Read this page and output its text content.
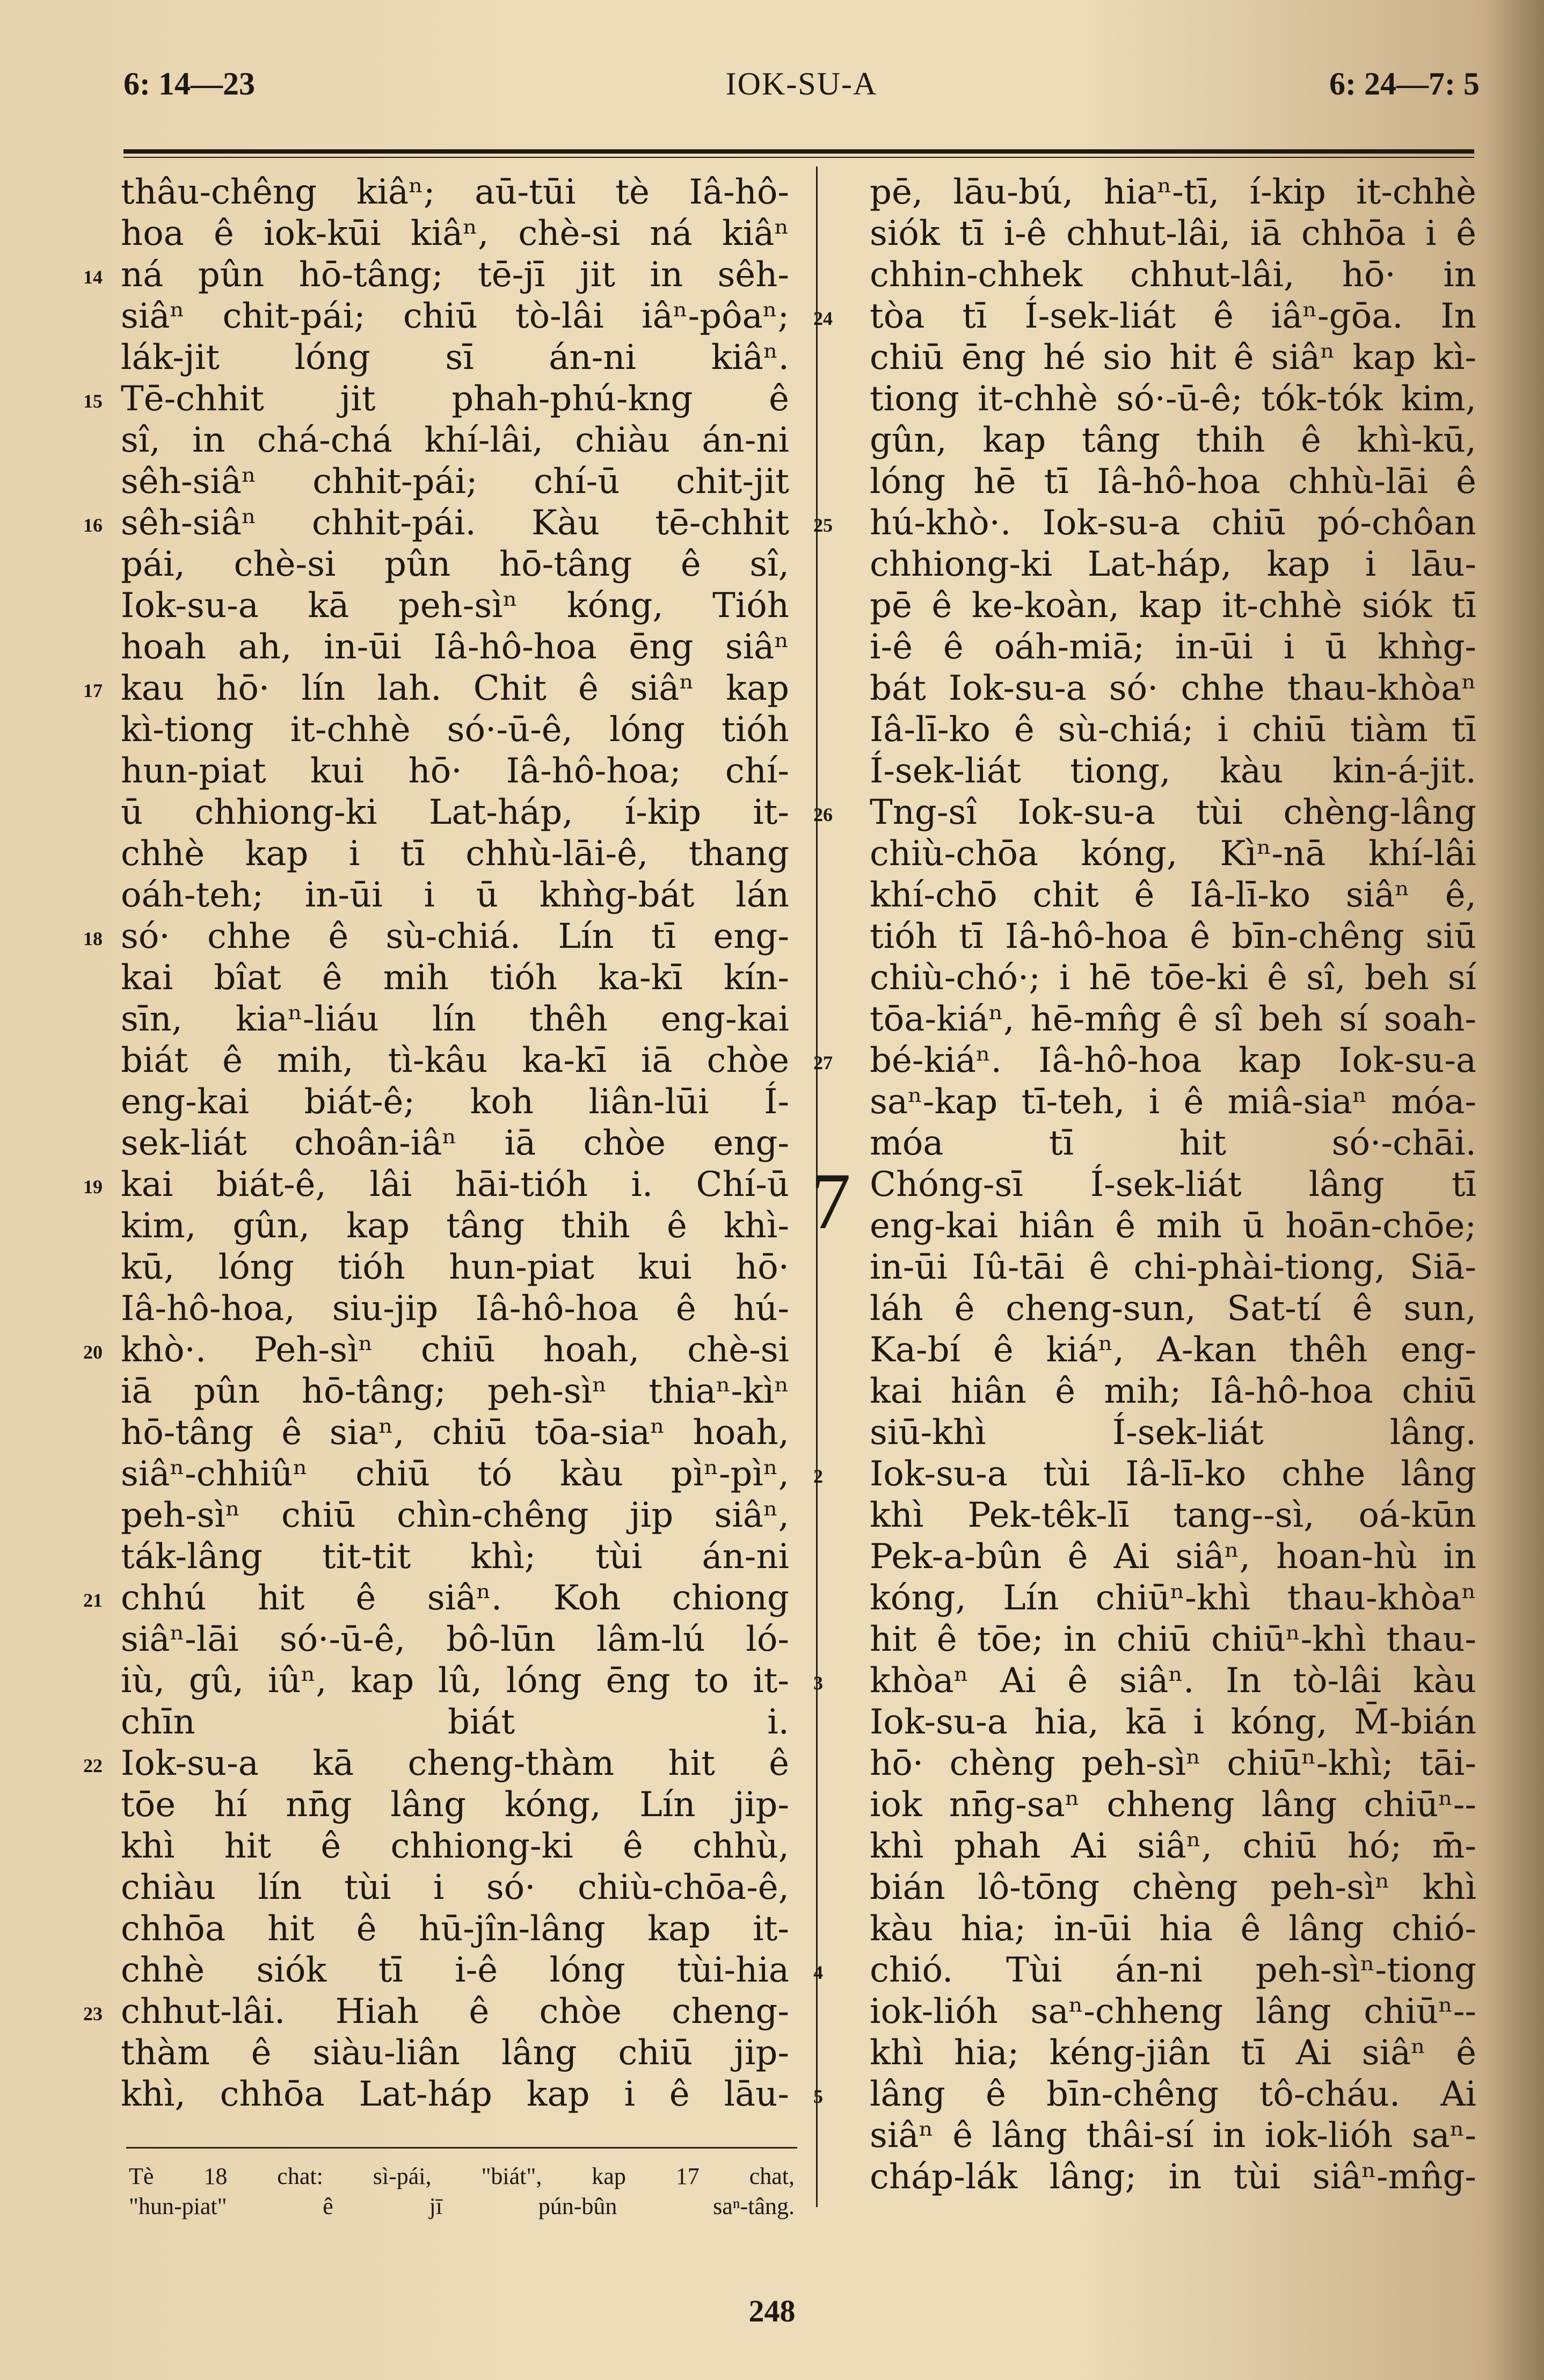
6: 14—23	IOK-SU-A	6: 24—7: 5
thâu-chêng kiâⁿ; aū-tūi tè Iâ-hô-
hoa ê iok-kūi kiâⁿ, chè-si ná kiâⁿ
14 ná pûn hō-tâng; tē-jī jit in sêh-
siâⁿ chit-pái; chiū tò-lâi iâⁿ-pôaⁿ;
lák-jit lóng sī án-ni kiâⁿ.
15 Tē-chhit jit phah-phú-kng ê
sî, in chá-chá khí-lâi, chiàu án-ni
sêh-siâⁿ chhit-pái; chí-ū chit-jit
16 sêh-siâⁿ chhit-pái. Kàu tē-chhit
pái, chè-si pûn hō-tâng ê sî,
Iok-su-a kā peh-sìⁿ kóng, Tióh
hoah ah, in-ūi Iâ-hô-hoa ēng siâⁿ
17 kau hō· lín lah. Chit ê siâⁿ kap
kì-tiong it-chhè só·-ū-ê, lóng tióh
hun-piat kui hō· Iâ-hô-hoa; chí-
ū chhiong-ki Lat-háp, í-kip it-
chhè kap i tī chhù-lāi-ê, thang
oáh-teh; in-ūi i ū khǹg-bát lán
18 só· chhe ê sù-chiá. Lín tī eng-
kai bîat ê mih tióh ka-kī kín-
sīn, kiaⁿ-liáu lín thêh eng-kai
biát ê mih, tì-kâu ka-kī iā chòe
eng-kai biát-ê; koh liân-lūi Í-
sek-liát choân-iâⁿ iā chòe eng-
19 kai biát-ê, lâi hāi-tióh i. Chí-ū
kim, gûn, kap tâng thih ê khì-
kū, lóng tióh hun-piat kui hō·
Iâ-hô-hoa, siu-jip Iâ-hô-hoa ê hú-
20 khò·. Peh-sìⁿ chiū hoah, chè-si
iā pûn hō-tâng; peh-sìⁿ thiaⁿ-kìⁿ
hō-tâng ê siaⁿ, chiū tōa-siaⁿ hoah,
siâⁿ-chhiûⁿ chiū tó kàu pìⁿ-pìⁿ,
peh-sìⁿ chiū chìn-chêng jip siâⁿ,
ták-lâng tit-tit khì; tùi án-ni
21 chhú hit ê siâⁿ. Koh chiong
siâⁿ-lāi só·-ū-ê, bô-lūn lâm-lú ló-
iù, gû, iûⁿ, kap lû, lóng ēng to it-
chīn biát i.
22 Iok-su-a kā cheng-thàm hit ê
tōe hí nn̄g lâng kóng, Lín jip-
khì hit ê chhiong-ki ê chhù,
chiàu lín tùi i só· chiù-chōa-ê,
chhōa hit ê hū-jîn-lâng kap it-
chhè siók tī i-ê lóng tùi-hia
23 chhut-lâi. Hiah ê chòe cheng-
thàm ê siàu-liân lâng chiū jip-
khì, chhōa Lat-háp kap i ê lāu-
pē, lāu-bú, hiaⁿ-tī, í-kip it-chhè
siók tī i-ê chhut-lâi, iā chhōa i ê
chhin-chhek chhut-lâi, hō· in
24 tòa tī Í-sek-liát ê iâⁿ-gōa. In
chiū ēng hé sio hit ê siâⁿ kap kì-
tiong it-chhè só·-ū-ê; tók-tók kim,
gûn, kap tâng thih ê khì-kū,
lóng hē tī Iâ-hô-hoa chhù-lāi ê
25 hú-khò·. Iok-su-a chiū pó-chôan
chhiong-ki Lat-háp, kap i lāu-
pē ê ke-koàn, kap it-chhè siók tī
i-ê ê oáh-miā; in-ūi i ū khǹg-
bát Iok-su-a só· chhe thau-khòaⁿ
Iâ-lī-ko ê sù-chiá; i chiū tiàm tī
Í-sek-liát tiong, kàu kin-á-jit.
26 Tng-sî Iok-su-a tùi chèng-lâng
chiù-chōa kóng, Kìⁿ-nā khí-lâi
khí-chō chit ê Iâ-lī-ko siâⁿ ê,
tióh tī Iâ-hô-hoa ê bīn-chêng siū
chiù-chó·; i hē tōe-ki ê sî, beh sí
tōa-kiáⁿ, hē-mn̂g ê sî beh sí soah-
27 bé-kiáⁿ. Iâ-hô-hoa kap Iok-su-a
saⁿ-kap tī-teh, i ê miâ-siaⁿ móa-
móa tī hit só·-chāi.
7 Chóng-sī Í-sek-liát lâng tī
eng-kai hiân ê mih ū hoān-chōe;
in-ūi Iû-tāi ê chi-phài-tiong, Siā-
láh ê cheng-sun, Sat-tí ê sun,
Ka-bí ê kiáⁿ, A-kan thêh eng-
kai hiân ê mih; Iâ-hô-hoa chiū
siū-khì Í-sek-liát lâng.
2 Iok-su-a tùi Iâ-lī-ko chhe lâng
khì Pek-têk-lī tang--sì, oá-kūn
Pek-a-bûn ê Ai siâⁿ, hoan-hù in
kóng, Lín chiūⁿ-khì thau-khòaⁿ
hit ê tōe; in chiū chiūⁿ-khì thau-
3 khòaⁿ Ai ê siâⁿ. In tò-lâi kàu
Iok-su-a hia, kā i kóng, M̄-bián
hō· chèng peh-sìⁿ chiūⁿ-khì; tāi-
iok nn̄g-saⁿ chheng lâng chiūⁿ--
khì phah Ai siâⁿ, chiū hó; m̄-
bián lô-tōng chèng peh-sìⁿ khì
kàu hia; in-ūi hia ê lâng chió-
4 chió. Tùi án-ni peh-sìⁿ-tiong
iok-lióh saⁿ-chheng lâng chiūⁿ--
khì hia; kéng-jiân tī Ai siâⁿ ê
5 lâng ê bīn-chêng tô-cháu. Ai
siâⁿ ê lâng thâi-sí in iok-lióh saⁿ-
cháp-lák lâng; in tùi siâⁿ-mn̂g-
Tè 18 chat: sì-pái, "biát", kap 17 chat,
"hun-piat" ê jī pún-bûn saⁿ-tâng.
248
